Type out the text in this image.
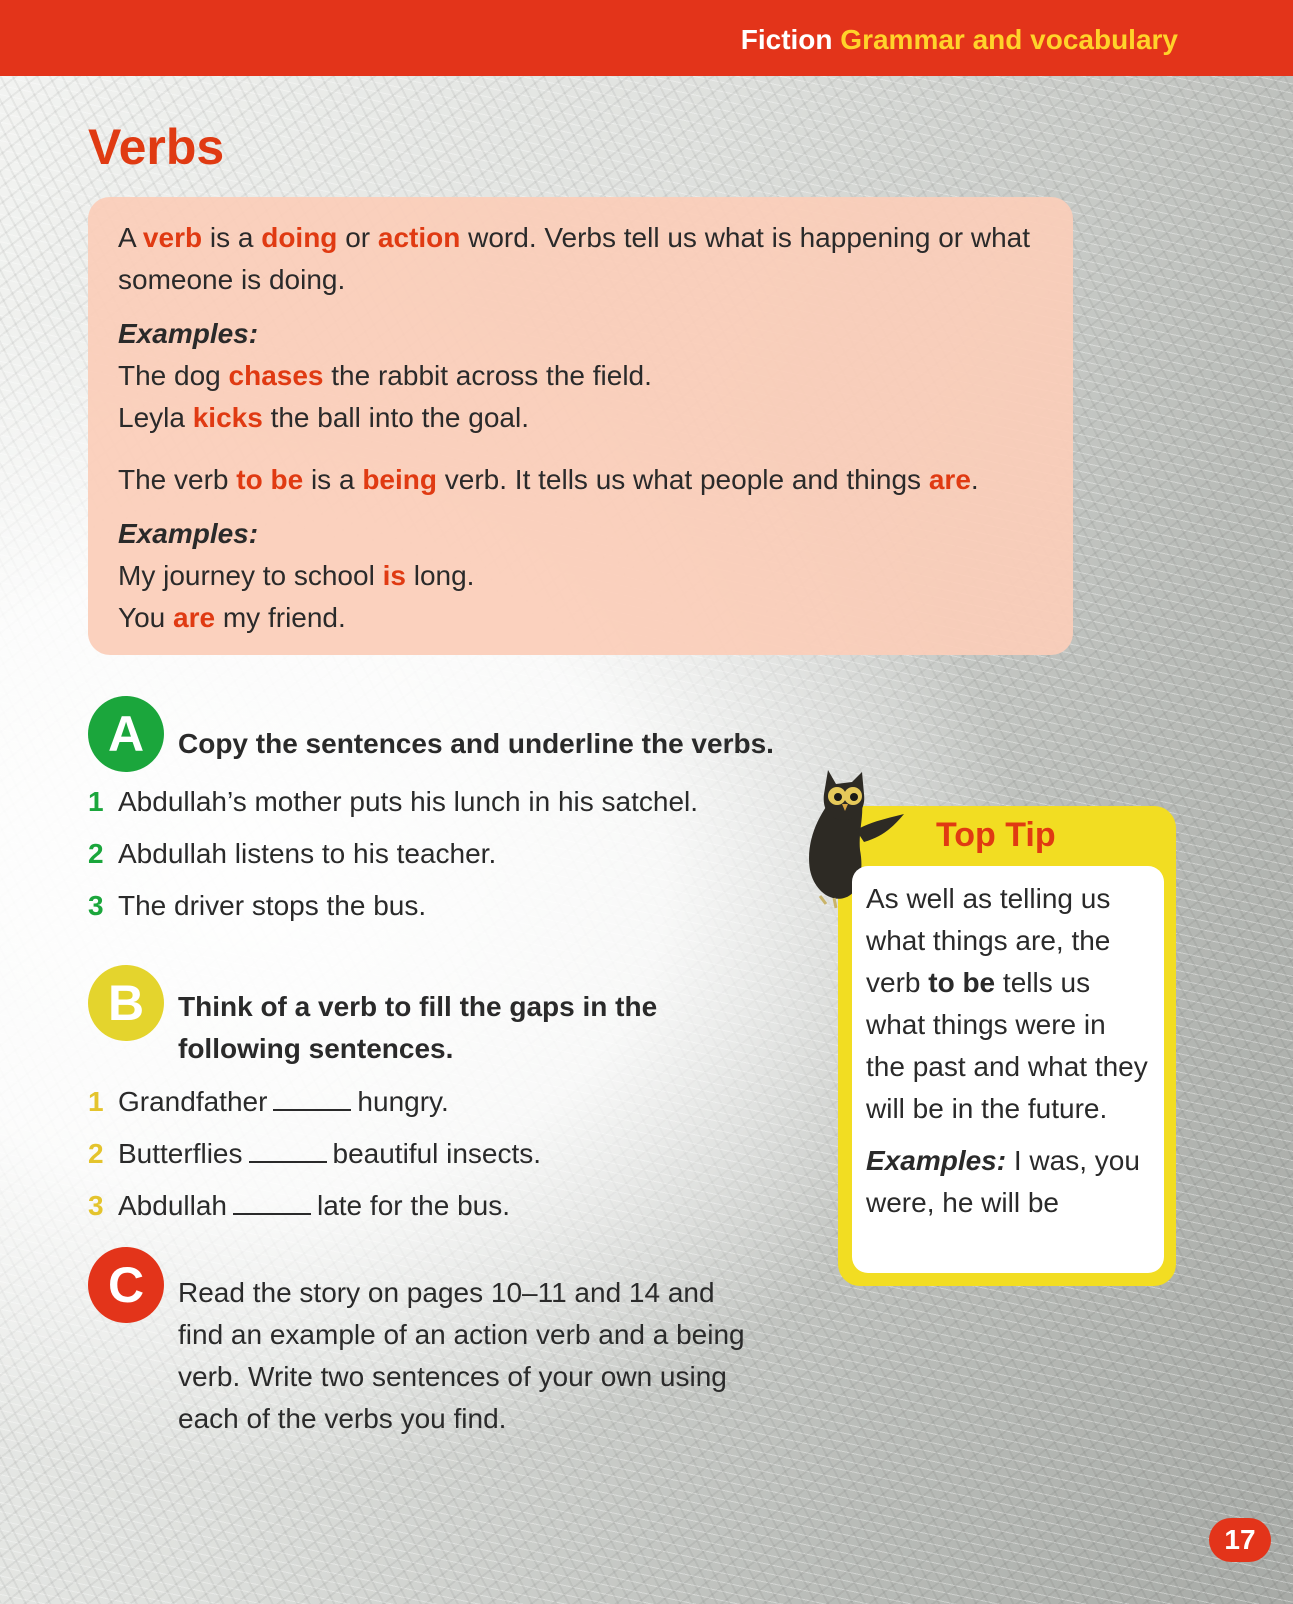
Fiction Grammar and vocabulary
Verbs

A verb is a doing or action word. Verbs tell us what is happening or what someone is doing.

Examples:

The dog chases the rabbit across the field.

Leyla kicks the ball into the goal.

The verb to be is a being verb. It tells us what people and things are.

Examples:

My journey to school is long.

You are my friend.

A	Copy the sentences and underline the verbs.
1 Abdullah’s mother puts his lunch in his satchel.
2 Abdullah listens to his teacher.
3 The driver stops the bus.
B	Think of a verb to fill the gaps in the
following sentences.
1 Grandfather	hungry.
2 Butterflies	beautiful insects.
3 Abdullah	late for the bus.
C	Read the story on pages 10–11 and 14 and find an example of an action verb and a being verb. Write two sentences of your own using each of the verbs you find.
Top Tip

As well as telling us what things are, the verb to be tells us what things were in the past and what they will be in the future.

Examples: I was, you were, he will be

17
